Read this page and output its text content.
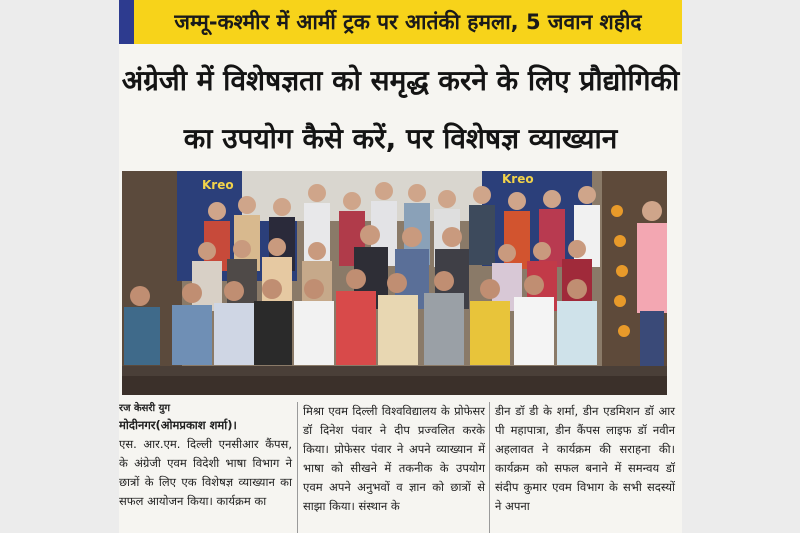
जम्मू-कश्मीर में आर्मी ट्रक पर आतंकी हमला, 5 जवान शहीद
अंग्रेजी में विशेषज्ञता को समृद्ध करने के लिए प्रौद्योगिकी
का उपयोग कैसे करें, पर विशेषज्ञ व्याख्यान
Kreo	Kreo
रज केसरी युग

मोदीनगर(ओमप्रकाश शर्मा)।

एस. आर.एम. दिल्ली एनसीआर कैंपस, के अंग्रेजी एवम विदेशी भाषा विभाग ने छात्रों के लिए एक विशेषज्ञ व्याख्यान का सफल आयोजन किया। कार्यक्रम का

मिश्रा एवम दिल्ली विश्वविद्यालय के प्रोफेसर डॉ दिनेश पंवार ने दीप प्रज्वलित करके किया। प्रोफेसर पंवार ने अपने व्याख्यान में भाषा को सीखने में तकनीक के उपयोग एवम अपने अनुभवों व ज्ञान को छात्रों से साझा किया। संस्थान के

डीन डॉ डी के शर्मा, डीन एडमिशन डॉ आर पी महापात्रा, डीन कैंपस लाइफ डॉ नवीन अहलावत ने कार्यक्रम की सराहना की। कार्यक्रम को सफल बनाने में समन्वय डॉ संदीप कुमार एवम विभाग के सभी सदस्यों ने अपना
